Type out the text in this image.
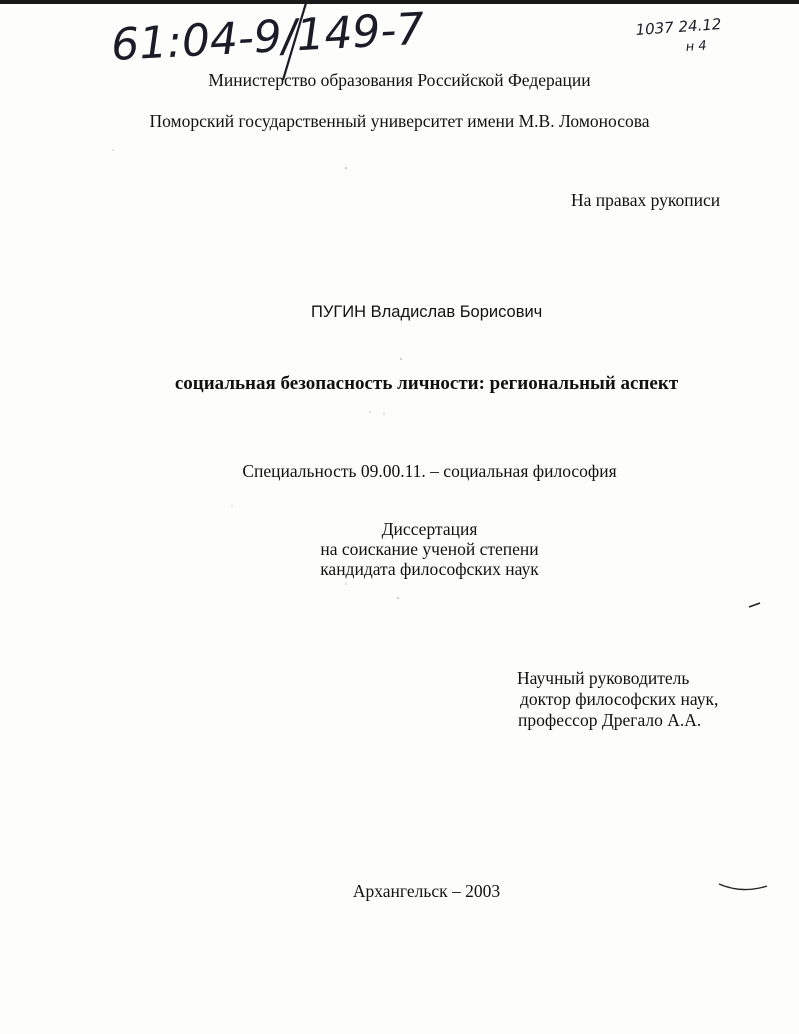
61:04-9/149-7	1037 24.12
н 4
Министерство образования Российской Федерации
Поморский государственный университет имени М.В. Ломоносова
На правах рукописи
ПУГИН Владислав Борисович
социальная безопасность личности: региональный аспект
Специальность 09.00.11. – социальная философия
Диссертация
на соискание ученой степени
кандидата философских наук
Научный руководитель
доктор философских наук,
профессор Дрегало А.А.
Архангельск – 2003
